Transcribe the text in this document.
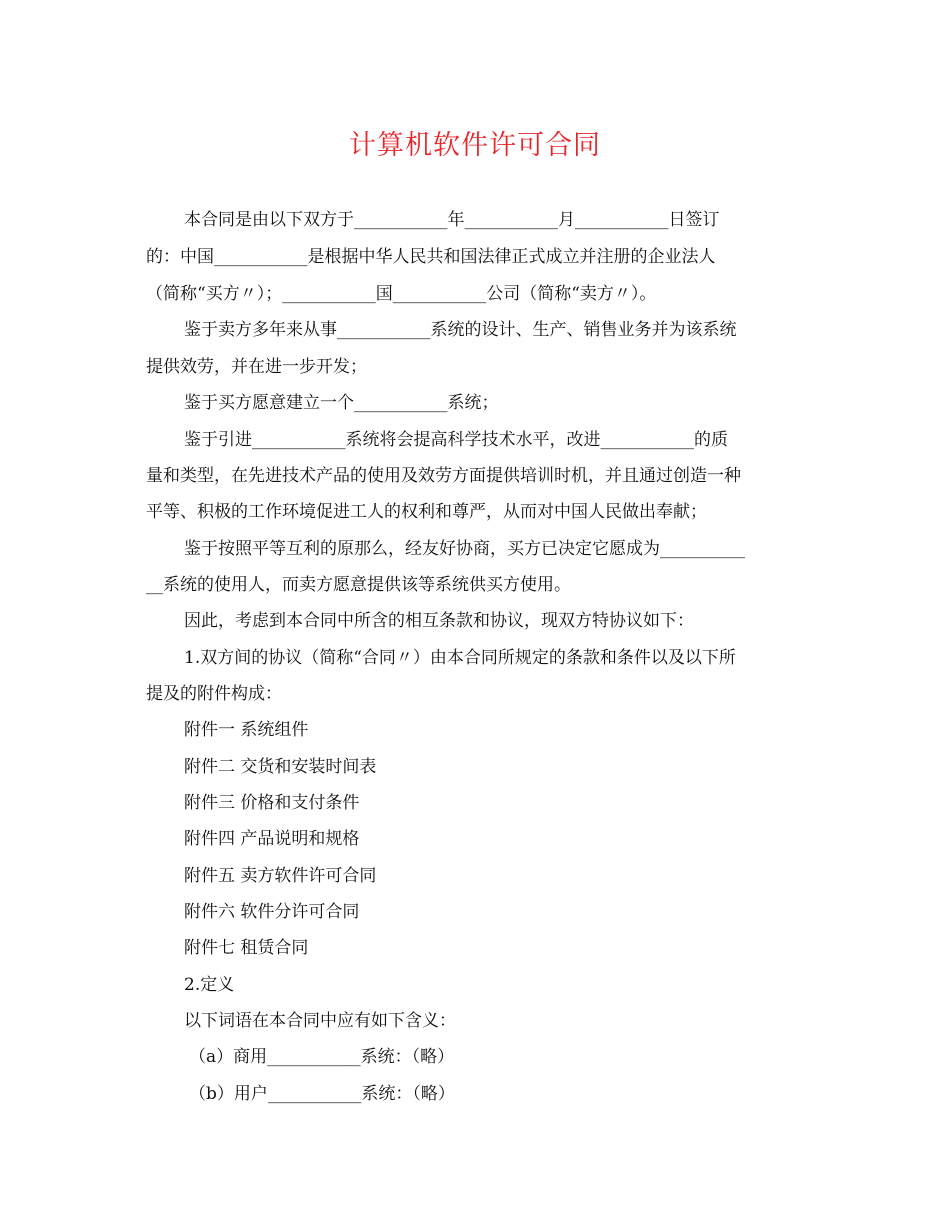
计算机软件许可合同
本合同是由以下双方于___________年___________月___________日签订
的：中国___________是根据中华人民共和国法律正式成立并注册的企业法人
（简称“买方〃）；___________国___________公司（简称“卖方〃）。
鉴于卖方多年来从事___________系统的设计、生产、销售业务并为该系统
提供效劳，并在进一步开发；
鉴于买方愿意建立一个___________系统；
鉴于引进___________系统将会提高科学技术水平，改进___________的质
量和类型，在先进技术产品的使用及效劳方面提供培训时机，并且通过创造一种
平等、积极的工作环境促进工人的权利和尊严，从而对中国人民做出奉献；
鉴于按照平等互利的原那么，经友好协商，买方已决定它愿成为__________
__系统的使用人，而卖方愿意提供该等系统供买方使用。
因此，考虑到本合同中所含的相互条款和协议，现双方特协议如下：
1.双方间的协议（简称“合同〃）由本合同所规定的条款和条件以及以下所
提及的附件构成：
附件一 系统组件
附件二 交货和安装时间表
附件三 价格和支付条件
附件四 产品说明和规格
附件五 卖方软件许可合同
附件六 软件分许可合同
附件七 租赁合同
2.定义
以下词语在本合同中应有如下含义：
（a）商用___________系统：（略）
（b）用户___________系统：（略）
